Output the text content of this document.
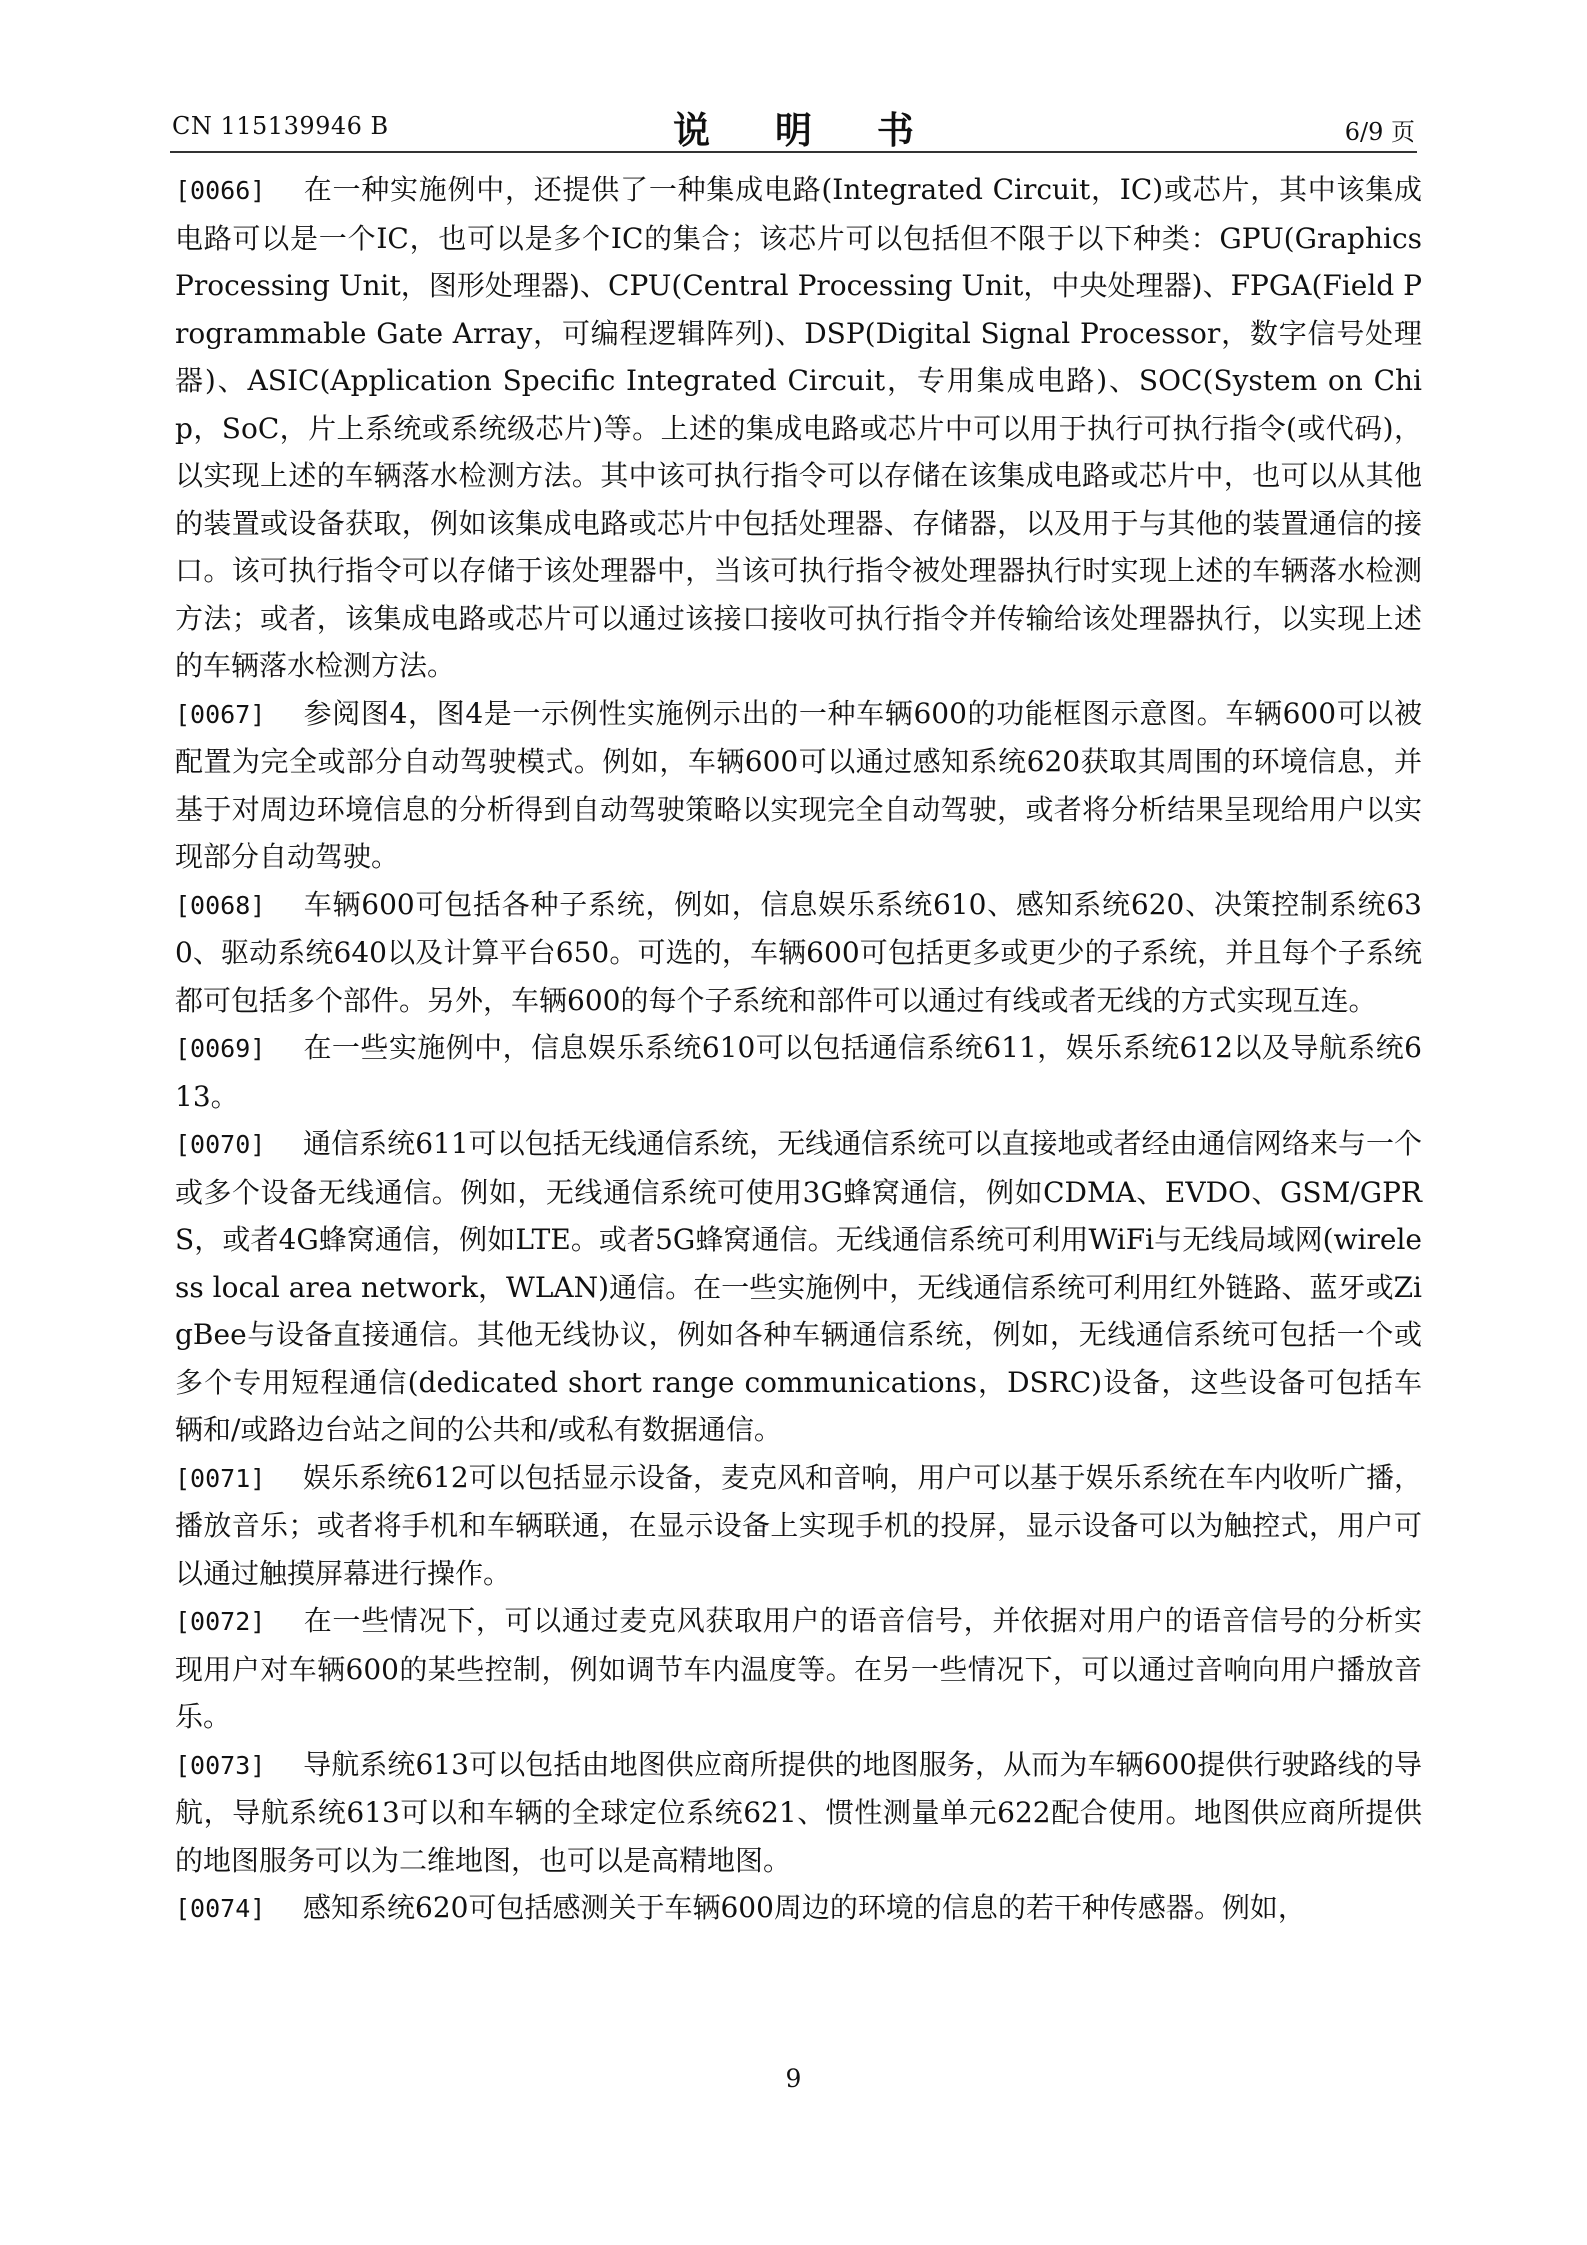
CN 115139946 B	说 明 书	6/9 页

[0066] 在一种实施例中，还提供了一种集成电路(Integrated Circuit，IC)或芯片，其中该集成电路可以是一个IC，也可以是多个IC的集合；该芯片可以包括但不限于以下种类：GPU(Graphics Processing Unit，图形处理器)、CPU(Central Processing Unit，中央处理器)、FPGA(Field Programmable Gate Array，可编程逻辑阵列)、DSP(Digital Signal Processor，数字信号处理器)、ASIC(Application Specific Integrated Circuit，专用集成电路)、SOC(System on Chip，SoC，片上系统或系统级芯片)等。上述的集成电路或芯片中可以用于执行可执行指令(或代码)，以实现上述的车辆落水检测方法。其中该可执行指令可以存储在该集成电路或芯片中，也可以从其他的装置或设备获取，例如该集成电路或芯片中包括处理器、存储器，以及用于与其他的装置通信的接口。该可执行指令可以存储于该处理器中，当该可执行指令被处理器执行时实现上述的车辆落水检测方法；或者，该集成电路或芯片可以通过该接口接收可执行指令并传输给该处理器执行，以实现上述的车辆落水检测方法。

[0067] 参阅图4，图4是一示例性实施例示出的一种车辆600的功能框图示意图。车辆600可以被配置为完全或部分自动驾驶模式。例如，车辆600可以通过感知系统620获取其周围的环境信息，并基于对周边环境信息的分析得到自动驾驶策略以实现完全自动驾驶，或者将分析结果呈现给用户以实现部分自动驾驶。

[0068] 车辆600可包括各种子系统，例如，信息娱乐系统610、感知系统620、决策控制系统630、驱动系统640以及计算平台650。可选的，车辆600可包括更多或更少的子系统，并且每个子系统都可包括多个部件。另外，车辆600的每个子系统和部件可以通过有线或者无线的方式实现互连。

[0069] 在一些实施例中，信息娱乐系统610可以包括通信系统611，娱乐系统612以及导航系统613。

[0070] 通信系统611可以包括无线通信系统，无线通信系统可以直接地或者经由通信网络来与一个或多个设备无线通信。例如，无线通信系统可使用3G蜂窝通信，例如CDMA、EVDO、GSM/GPRS，或者4G蜂窝通信，例如LTE。或者5G蜂窝通信。无线通信系统可利用WiFi与无线局域网(wireless local area network，WLAN)通信。在一些实施例中，无线通信系统可利用红外链路、蓝牙或ZigBee与设备直接通信。其他无线协议，例如各种车辆通信系统，例如，无线通信系统可包括一个或多个专用短程通信(dedicated short range communications，DSRC)设备，这些设备可包括车辆和/或路边台站之间的公共和/或私有数据通信。

[0071] 娱乐系统612可以包括显示设备，麦克风和音响，用户可以基于娱乐系统在车内收听广播，播放音乐；或者将手机和车辆联通，在显示设备上实现手机的投屏，显示设备可以为触控式，用户可以通过触摸屏幕进行操作。

[0072] 在一些情况下，可以通过麦克风获取用户的语音信号，并依据对用户的语音信号的分析实现用户对车辆600的某些控制，例如调节车内温度等。在另一些情况下，可以通过音响向用户播放音乐。

[0073] 导航系统613可以包括由地图供应商所提供的地图服务，从而为车辆600提供行驶路线的导航，导航系统613可以和车辆的全球定位系统621、惯性测量单元622配合使用。地图供应商所提供的地图服务可以为二维地图，也可以是高精地图。

[0074] 感知系统620可包括感测关于车辆600周边的环境的信息的若干种传感器。例如，

9
